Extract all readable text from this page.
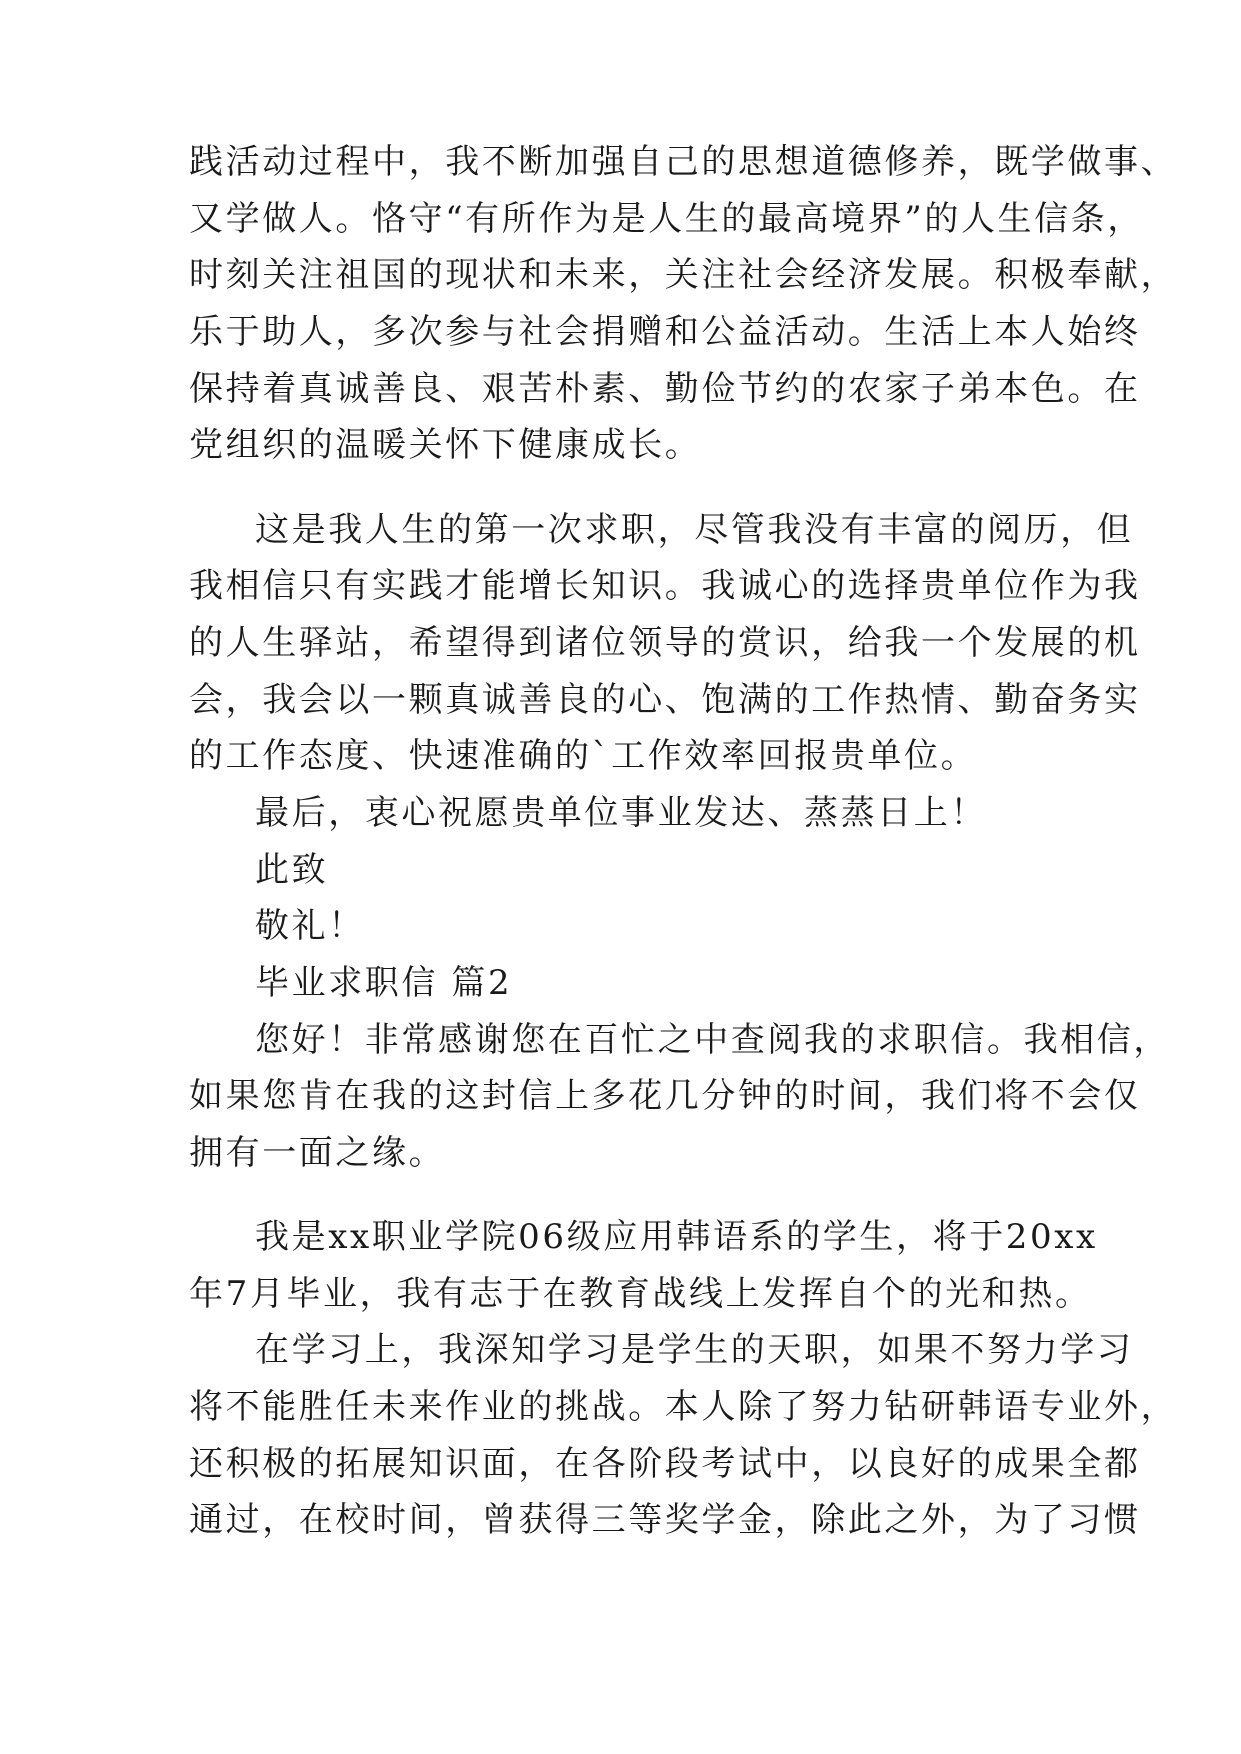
践活动过程中，我不断加强自己的思想道德修养，既学做事、
又学做人。恪守“有所作为是人生的最高境界”的人生信条，
时刻关注祖国的现状和未来，关注社会经济发展。积极奉献，
乐于助人，多次参与社会捐赠和公益活动。生活上本人始终
保持着真诚善良、艰苦朴素、勤俭节约的农家子弟本色。在
党组织的温暖关怀下健康成长。
这是我人生的第一次求职，尽管我没有丰富的阅历，但
我相信只有实践才能增长知识。我诚心的选择贵单位作为我
的人生驿站，希望得到诸位领导的赏识，给我一个发展的机
会，我会以一颗真诚善良的心、饱满的工作热情、勤奋务实
的工作态度、快速准确的`工作效率回报贵单位。
最后，衷心祝愿贵单位事业发达、蒸蒸日上！
此致
敬礼！
毕业求职信 篇2
您好！非常感谢您在百忙之中查阅我的求职信。我相信，
如果您肯在我的这封信上多花几分钟的时间，我们将不会仅
拥有一面之缘。
我是xx职业学院06级应用韩语系的学生，将于20xx
年7月毕业，我有志于在教育战线上发挥自个的光和热。
在学习上，我深知学习是学生的天职，如果不努力学习
将不能胜任未来作业的挑战。本人除了努力钻研韩语专业外，
还积极的拓展知识面，在各阶段考试中，以良好的成果全都
通过，在校时间，曾获得三等奖学金，除此之外，为了习惯
